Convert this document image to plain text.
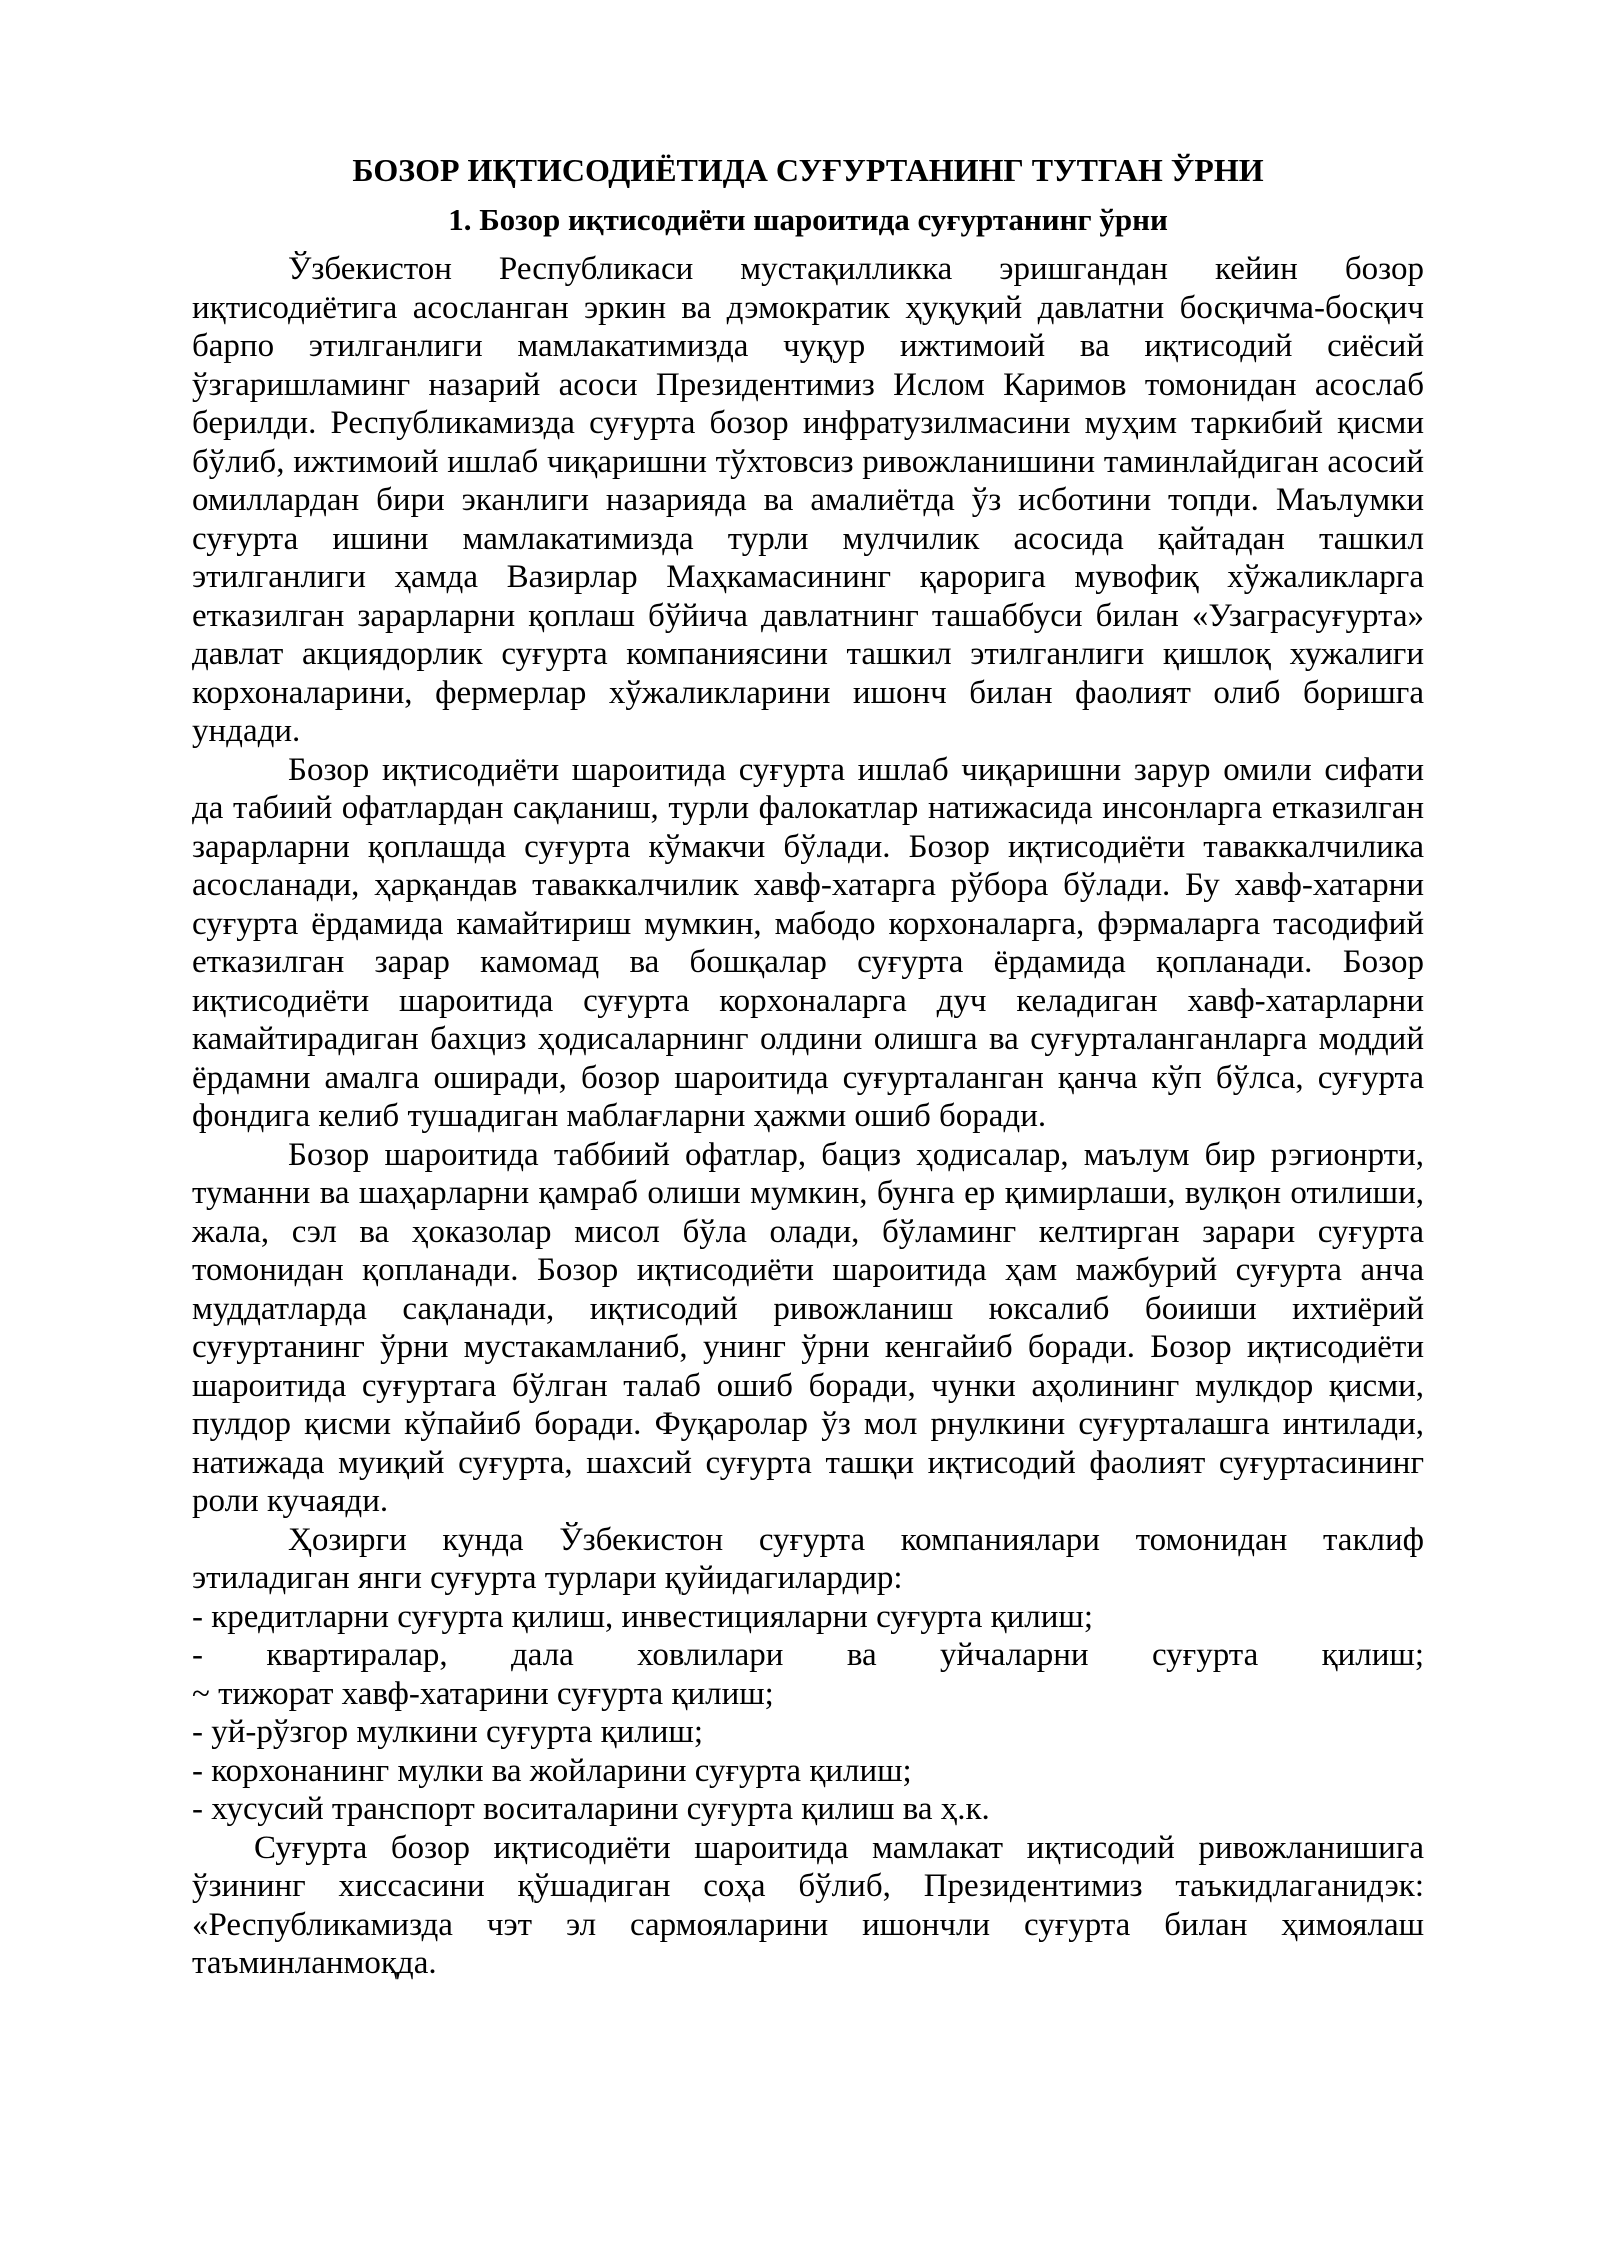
БОЗОР ИҚТИСОДИЁТИДА СУҒУРТАНИНГ ТУТГАН ЎРНИ
1. Бозор иқтисодиёти шароитида суғуртанинг ўрни

Ўзбекистон Республикаси мустақилликка эришгандан кейин бозор иқтисодиётига асосланган эркин ва дэмократик ҳуқуқий давлатни босқичма-босқич барпо этилганлиги мамлакатимизда чуқур ижтимоий ва иқтисодий сиёсий ўзгаришламинг назарий асоси Президентимиз Ислом Каримов томонидан асослаб берилди. Республикамизда суғурта бозор инфратузилмасини муҳим таркибий қисми бўлиб, ижтимоий ишлаб чиқаришни тўхтовсиз ривожланишини таминлайдиган асосий омиллардан бири эканлиги назарияда ва амалиётда ўз исботини топди. Маълумки суғурта ишини мамлакатимизда турли мулчилик асосида қайтадан ташкил этилганлиги ҳамда Вазирлар Маҳкамасининг қарорига мувофиқ хўжаликларга етказилган зарарларни қоплаш бўйича давлатнинг ташаббуси билан «Узагрaсуғурта» давлат акциядорлик суғурта компаниясини ташкил этилганлиги қишлоқ хужалиги корхоналарини, фермерлар хўжаликларини ишонч билан фаолият олиб боришга ундади.

Бозор иқтисодиёти шароитида суғурта ишлаб чиқаришни зарур омили сифати да табиий офатлардан сақланиш, турли фалокатлар натижасида инсонларга етказилган зарарларни қоплашда суғурта кўмакчи бўлади. Бозор иқтисодиёти таваккалчилика асосланади, ҳарқандав таваккалчилик хавф-хатарга рўбора бўлади. Бу хавф-хатарни суғурта ёрдамида камайтириш мумкин, мабодо корхоналарга, фэрмаларга тасодифий етказилган зарар камомад ва бошқалар суғурта ёрдамида қопланади. Бозор иқтисодиёти шароитида суғурта корхоналарга дуч келадиган хавф-хатарларни камайтирадиган бахциз ҳодисаларнинг олдини олишга ва суғурталанганларга моддий ёрдамни амалга оширади, бозор шароитида суғурталанган қанча кўп бўлса, суғурта фондига келиб тушадиган маблағларни ҳажми ошиб боради.

Бозор шароитида таббиий офатлар, бациз ҳодисалар, маълум бир рэгионрти, туманни ва шаҳарларни қамраб олиши мумкин, бунга ер қимирлаши, вулқон отилиши, жала, сэл ва ҳоказолар мисол бўла олади, бўламинг келтирган зарари суғурта томонидан қопланади. Бозор иқтисодиёти шароитида ҳам мажбурий суғурта анча муддатларда сақланади, иқтисодий ривожланиш юксалиб боииши ихтиёрий суғуртанинг ўрни мустакамланиб, унинг ўрни кенгайиб боради. Бозор иқтисодиёти шароитида суғуртага бўлган талаб ошиб боради, чунки аҳолининг мулкдор қисми, пулдор қисми кўпайиб боради. Фуқаролар ўз мол рнулкини суғурталашга интилади, натижада муиқий суғурта, шахсий суғурта ташқи иқтисодий фаолият суғуртасининг роли кучаяди.

Ҳозирги кунда Ўзбекистон суғурта компаниялари томонидан таклиф этиладиган янги суғурта турлари қуйидагилардир:

- кредитларни суғурта қилиш, инвестицияларни суғурта қилиш;
- квартиралар, дала ховлилари ва уйчаларни суғурта қилиш;
~ тижорат хавф-хатарини суғурта қилиш;
- уй-рўзгор мулкини суғурта қилиш;
- корхонанинг мулки ва жойларини суғурта қилиш;
- хусусий транспорт воситаларини суғурта қилиш ва ҳ.к.

Суғурта бозор иқтисодиёти шароитида мамлакат иқтисодий ривожланишига ўзининг хиссасини қўшадиган соҳа бўлиб, Президентимиз таъкидлаганидэк: «Республикамизда чэт эл сармояларини ишончли суғурта билан ҳимоялаш таъминланмоқда.
